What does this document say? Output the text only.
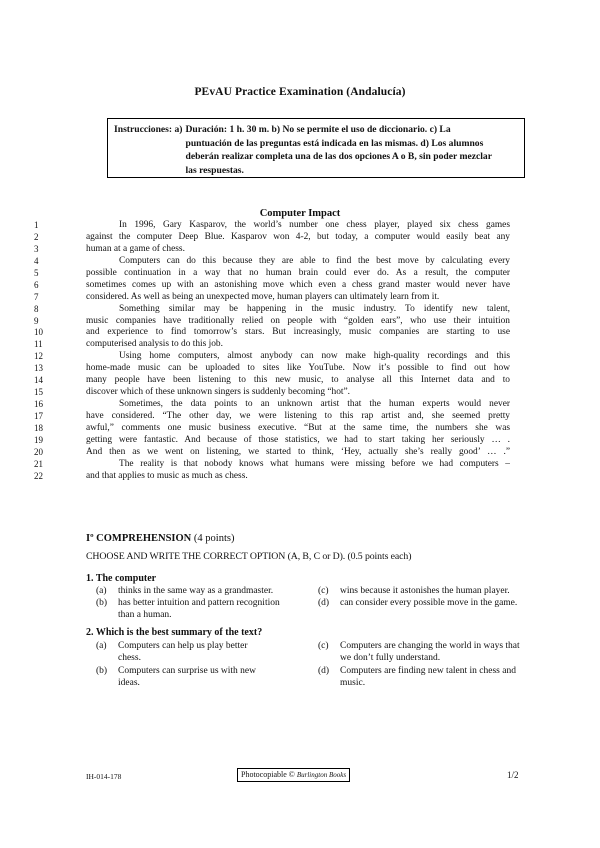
PEvAU Practice Examination (Andalucía)
Instrucciones: a) Duración: 1 h. 30 m. b) No se permite el uso de diccionario. c) La
puntuación de las preguntas está indicada en las mismas. d) Los alumnos
deberán realizar completa una de las dos opciones A o B, sin poder mezclar
las respuestas.
Computer Impact
1	In 1996, Gary Kasparov, the world’s number one chess player, played six chess games
2	against the computer Deep Blue. Kasparov won 4-2, but today, a computer would easily beat any
3	human at a game of chess.
4	Computers can do this because they are able to find the best move by calculating every
5	possible continuation in a way that no human brain could ever do. As a result, the computer
6	sometimes comes up with an astonishing move which even a chess grand master would never have
7	considered. As well as being an unexpected move, human players can ultimately learn from it.
8	Something similar may be happening in the music industry. To identify new talent,
9	music companies have traditionally relied on people with “golden ears”, who use their intuition
10	and experience to find tomorrow’s stars. But increasingly, music companies are starting to use
11	computerised analysis to do this job.
12	Using home computers, almost anybody can now make high-quality recordings and this
13	home-made music can be uploaded to sites like YouTube. Now it’s possible to find out how
14	many people have been listening to this new music, to analyse all this Internet data and to
15	discover which of these unknown singers is suddenly becoming “hot”.
16	Sometimes, the data points to an unknown artist that the human experts would never
17	have considered. “The other day, we were listening to this rap artist and, she seemed pretty
18	awful,” comments one music business executive. “But at the same time, the numbers she was
19	getting were fantastic. And because of those statistics, we had to start taking her seriously … .
20	And then as we went on listening, we started to think, ‘Hey, actually she’s really good’ … .”
21	The reality is that nobody knows what humans were missing before we had computers –
22	and that applies to music as much as chess.
Iº COMPREHENSION (4 points)
CHOOSE AND WRITE THE CORRECT OPTION (A, B, C or D). (0.5 points each)
1. The computer
(a) thinks in the same way as a grandmaster.
(b) has better intuition and pattern recognition than a human.
(c) wins because it astonishes the human player.
(d) can consider every possible move in the game.
2. Which is the best summary of the text?
(a) Computers can help us play better chess.
(b) Computers can surprise us with new ideas.
(c) Computers are changing the world in ways that we don’t fully understand.
(d) Computers are finding new talent in chess and music.
IH-014-178	Photocopiable © Burlington Books	1/2
